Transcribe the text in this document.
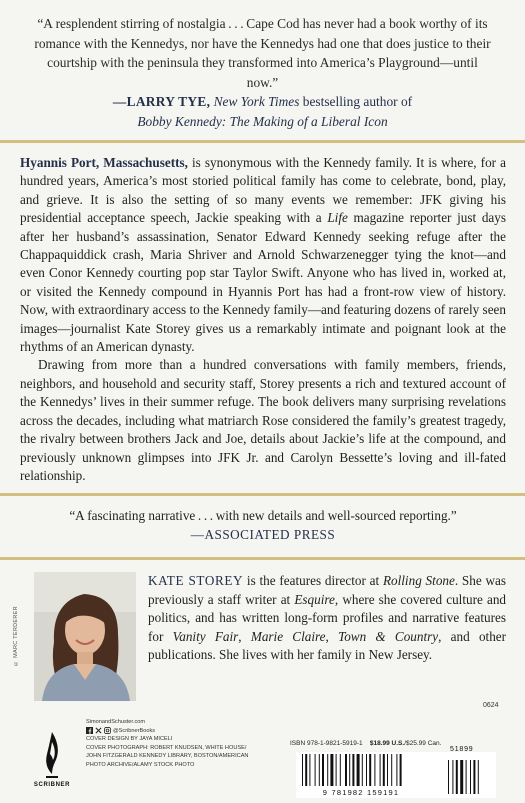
“A resplendent stirring of nostalgia . . . Cape Cod has never had a book worthy of its romance with the Kennedys, nor have the Kennedys had one that does justice to their courtship with the peninsula they transformed into America’s Playground—until now.”
—LARRY TYE, New York Times bestselling author of
Bobby Kennedy: The Making of a Liberal Icon

Hyannis Port, Massachusetts, is synonymous with the Kennedy family. It is where, for a hundred years, America’s most storied political family has come to celebrate, bond, play, and grieve. It is also the setting of so many events we remember: JFK giving his presidential acceptance speech, Jackie speaking with a Life magazine reporter just days after her husband’s assassination, Senator Edward Kennedy seeking refuge after the Chappaquiddick crash, Maria Shriver and Arnold Schwarzenegger tying the knot—and even Conor Kennedy courting pop star Taylor Swift. Anyone who has lived in, worked at, or visited the Kennedy compound in Hyannis Port has had a front-row view of history. Now, with extraordinary access to the Kennedy family—and featuring dozens of rarely seen images—journalist Kate Storey gives us a remarkably intimate and poignant look at the rhythms of an American dynasty.

Drawing from more than a hundred conversations with family members, friends, neighbors, and household and security staff, Storey presents a rich and textured account of the Kennedys’ lives in their summer refuge. The book delivers many surprising revelations across the decades, including what matriarch Rose considered the family’s greatest tragedy, the rivalry between brothers Jack and Joe, details about Jackie’s life at the compound, and previously unknown glimpses into JFK Jr. and Carolyn Bessette’s loving and ill-fated relationship.

“A fascinating narrative . . . with new details and well-sourced reporting.”
—ASSOCIATED PRESS
© MARC TERDERER
KATE STOREY is the features director at Rolling Stone. She was previously a staff writer at Esquire, where she covered culture and politics, and has written long-form profiles and narrative features for Vanity Fair, Marie Claire, Town & Country, and other publications. She lives with her family in New Jersey.
0624
SCRIBNER
SimonandSchuster.com
@ScribnerBooks
COVER DESIGN BY JAYA MICELI
COVER PHOTOGRAPH: ROBERT KNUDSEN, WHITE HOUSE/
JOHN FITZGERALD KENNEDY LIBRARY, BOSTON/AMERICAN
PHOTO ARCHIVE/ALAMY STOCK PHOTO
ISBN 978-1-9821-5919-1 $18.99 U.S./$25.99 Can.
9 781982 159191
51899
